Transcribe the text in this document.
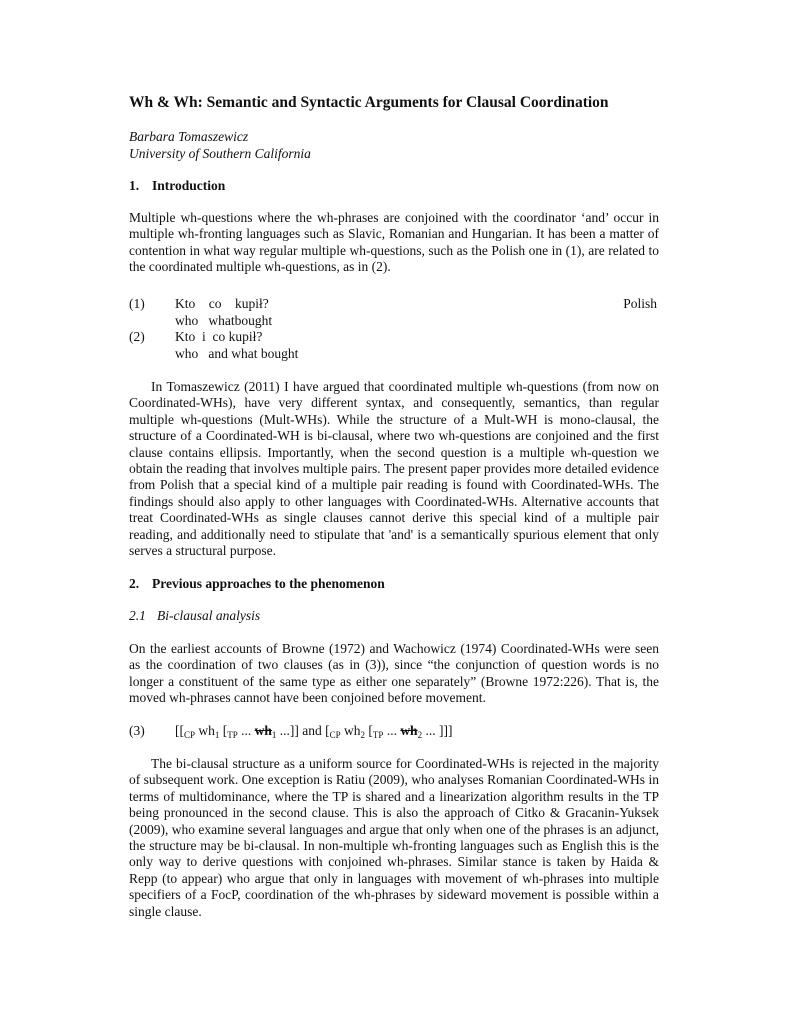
Wh & Wh: Semantic and Syntactic Arguments for Clausal Coordination
Barbara Tomaszewicz
University of Southern California
1. Introduction

Multiple wh-questions where the wh-phrases are conjoined with the coordinator ‘and’ occur in multiple wh-fronting languages such as Slavic, Romanian and Hungarian. It has been a matter of contention in what way regular multiple wh-questions, such as the Polish one in (1), are related to the coordinated multiple wh-questions, as in (2).

(1) Kto    co    kupił?	Polish
who   whatbought
(2) Kto  i  co kupił?
who   and what bought

In Tomaszewicz (2011) I have argued that coordinated multiple wh-questions (from now on Coordinated-WHs), have very different syntax, and consequently, semantics, than regular multiple wh-questions (Mult-WHs). While the structure of a Mult-WH is mono-clausal, the structure of a Coordinated-WH is bi-clausal, where two wh-questions are conjoined and the first clause contains ellipsis. Importantly, when the second question is a multiple wh-question we obtain the reading that involves multiple pairs. The present paper provides more detailed evidence from Polish that a special kind of a multiple pair reading is found with Coordinated-WHs. The findings should also apply to other languages with Coordinated-WHs. Alternative accounts that treat Coordinated-WHs as single clauses cannot derive this special kind of a multiple pair reading, and additionally need to stipulate that 'and' is a semantically spurious element that only serves a structural purpose.

2. Previous approaches to the phenomenon
2.1 Bi-clausal analysis

On the earliest accounts of Browne (1972) and Wachowicz (1974) Coordinated-WHs were seen as the coordination of two clauses (as in (3)), since “the conjunction of question words is no longer a constituent of the same type as either one separately” (Browne 1972:226). That is, the moved wh-phrases cannot have been conjoined before movement.

(3) [[$_{CP}$ $wh_1$ [$_{TP}$ ... $wh_1$ ...]] and [$_{CP}$ $wh_2$ [$_{TP}$ ... $wh_2$ ... ]]]

The bi-clausal structure as a uniform source for Coordinated-WHs is rejected in the majority of subsequent work. One exception is Ratiu (2009), who analyses Romanian Coordinated-WHs in terms of multidominance, where the TP is shared and a linearization algorithm results in the TP being pronounced in the second clause. This is also the approach of Citko & Gracanin-Yuksek (2009), who examine several languages and argue that only when one of the phrases is an adjunct, the structure may be bi-clausal. In non-multiple wh-fronting languages such as English this is the only way to derive questions with conjoined wh-phrases. Similar stance is taken by Haida & Repp (to appear) who argue that only in languages with movement of wh-phrases into multiple specifiers of a FocP, coordination of the wh-phrases by sideward movement is possible within a single clause.
